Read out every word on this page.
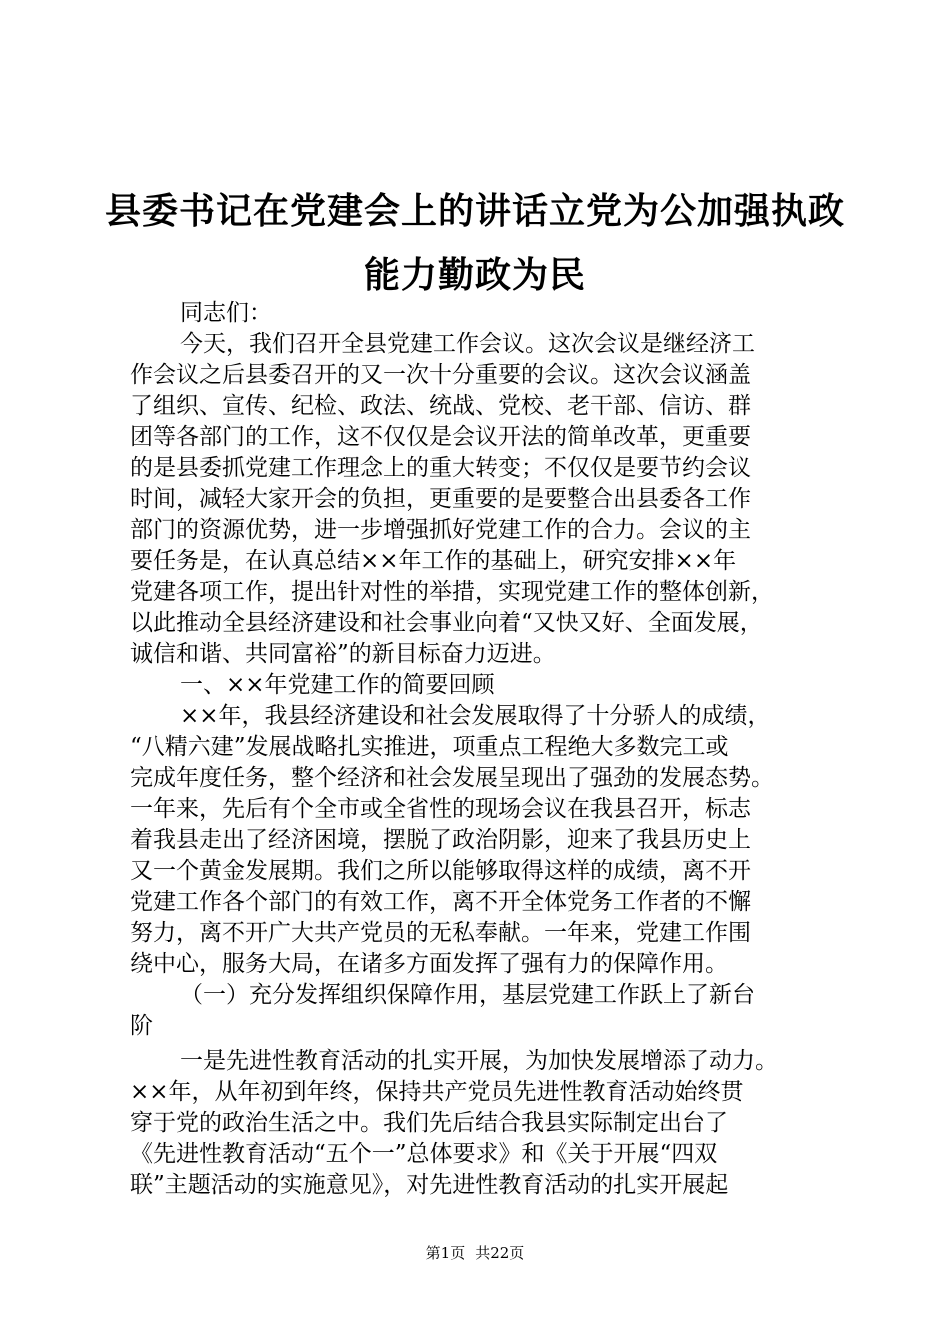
县委书记在党建会上的讲话立党为公加强执政
能力勤政为民
同志们：
今天，我们召开全县党建工作会议。这次会议是继经济工
作会议之后县委召开的又一次十分重要的会议。这次会议涵盖
了组织、宣传、纪检、政法、统战、党校、老干部、信访、群
团等各部门的工作，这不仅仅是会议开法的简单改革，更重要
的是县委抓党建工作理念上的重大转变；不仅仅是要节约会议
时间，减轻大家开会的负担，更重要的是要整合出县委各工作
部门的资源优势，进一步增强抓好党建工作的合力。会议的主
要任务是，在认真总结××年工作的基础上，研究安排××年
党建各项工作，提出针对性的举措，实现党建工作的整体创新，
以此推动全县经济建设和社会事业向着“又快又好、全面发展，
诚信和谐、共同富裕”的新目标奋力迈进。
一、××年党建工作的简要回顾
××年，我县经济建设和社会发展取得了十分骄人的成绩，
“八精六建”发展战略扎实推进，项重点工程绝大多数完工或
完成年度任务，整个经济和社会发展呈现出了强劲的发展态势。
一年来，先后有个全市或全省性的现场会议在我县召开，标志
着我县走出了经济困境，摆脱了政治阴影，迎来了我县历史上
又一个黄金发展期。我们之所以能够取得这样的成绩，离不开
党建工作各个部门的有效工作，离不开全体党务工作者的不懈
努力，离不开广大共产党员的无私奉献。一年来，党建工作围
绕中心，服务大局，在诸多方面发挥了强有力的保障作用。
（一）充分发挥组织保障作用，基层党建工作跃上了新台
阶
一是先进性教育活动的扎实开展，为加快发展增添了动力。
××年，从年初到年终，保持共产党员先进性教育活动始终贯
穿于党的政治生活之中。我们先后结合我县实际制定出台了
《先进性教育活动“五个一”总体要求》和《关于开展“四双
联”主题活动的实施意见》，对先进性教育活动的扎实开展起
第1页 共22页
